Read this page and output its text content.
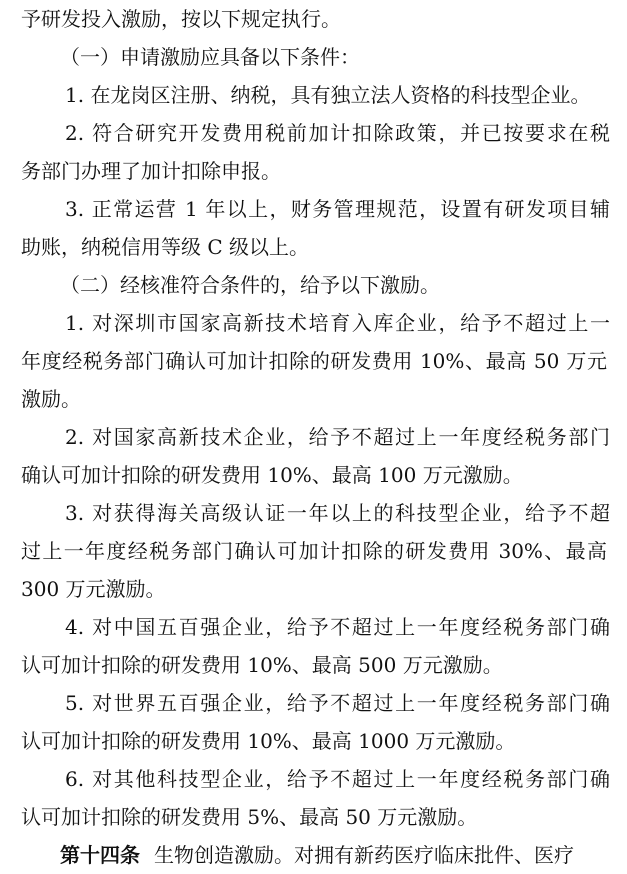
予研发投入激励，按以下规定执行。
（一）申请激励应具备以下条件：
1. 在龙岗区注册、纳税，具有独立法人资格的科技型企业。
2. 符合研究开发费用税前加计扣除政策，并已按要求在税
务部门办理了加计扣除申报。
3. 正常运营 1 年以上，财务管理规范，设置有研发项目辅
助账，纳税信用等级 C 级以上。
（二）经核准符合条件的，给予以下激励。
1. 对深圳市国家高新技术培育入库企业，给予不超过上一
年度经税务部门确认可加计扣除的研发费用 10%、最高 50 万元
激励。
2. 对国家高新技术企业，给予不超过上一年度经税务部门
确认可加计扣除的研发费用 10%、最高 100 万元激励。
3. 对获得海关高级认证一年以上的科技型企业，给予不超
过上一年度经税务部门确认可加计扣除的研发费用 30%、最高
300 万元激励。
4. 对中国五百强企业，给予不超过上一年度经税务部门确
认可加计扣除的研发费用 10%、最高 500 万元激励。
5. 对世界五百强企业，给予不超过上一年度经税务部门确
认可加计扣除的研发费用 10%、最高 1000 万元激励。
6. 对其他科技型企业，给予不超过上一年度经税务部门确
认可加计扣除的研发费用 5%、最高 50 万元激励。
第十四条 生物创造激励。对拥有新药医疗临床批件、医疗
